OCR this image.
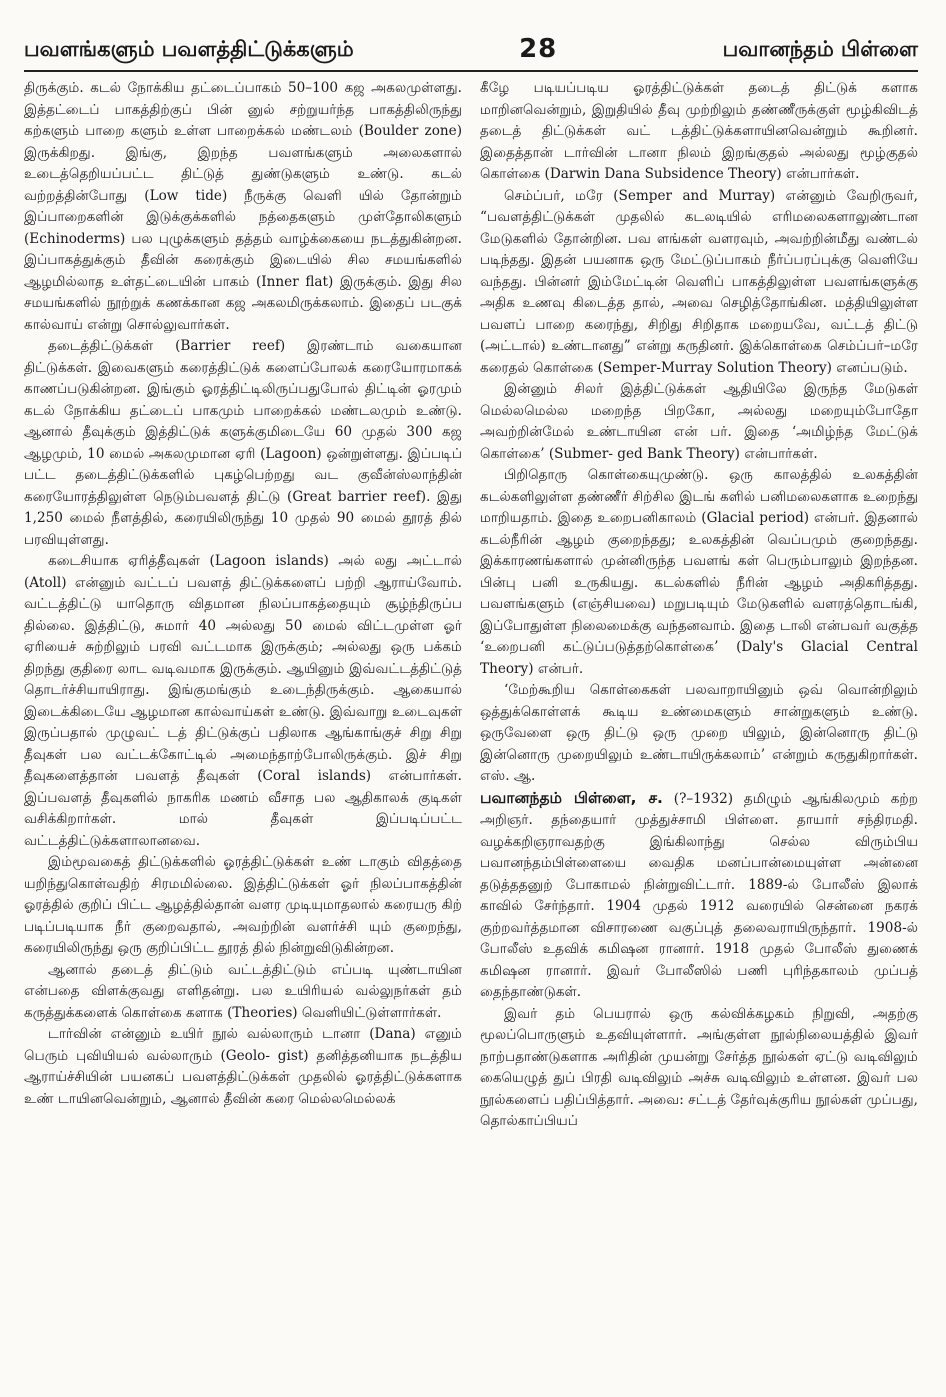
பவளங்களும் பவளத்திட்டுக்களும்	28	பவானந்தம் பிள்ளை

திருக்கும். கடல் நோக்கிய தட்டைப்பாகம் 50–100 கஜ அகலமுள்ளது. இத்தட்டைப் பாகத்திற்குப் பின் னுல் சற்றுயர்ந்த பாகத்திலிருந்து கற்களும் பாறை களும் உள்ள பாறைக்கல் மண்டலம் (Boulder zone) இருக்கிறது. இங்கு, இறந்த பவளங்களும் அலைகளால் உடைத்தெறியப்பட்ட திட்டுத் துண்டுகளும் உண்டு. கடல் வற்றத்தின்போது (Low tide) நீருக்கு வெளி யில் தோன்றும் இப்பாறைகளின் இடுக்குக்களில் நத்தைகளும் முள்தோலிகளும் (Echinoderms) பல புழுக்களும் தத்தம் வாழ்க்கையை நடத்துகின்றன. இப்பாகத்துக்கும் தீவின் கரைக்கும் இடையில் சில சமயங்களில் ஆழமில்லாத உள்தட்டையின் பாகம் (Inner flat) இருக்கும். இது சில சமயங்களில் நூற்றுக் கணக்கான கஜ அகலமிருக்கலாம். இதைப் படகுக் கால்வாய் என்று சொல்லுவார்கள்.

தடைத்திட்டுக்கள் (Barrier reef) இரண்டாம் வகையான திட்டுக்கள். இவைகளும் கரைத்திட்டுக் களைப்போலக் கரையோரமாகக் காணப்படுகின்றன. இங்கும் ஓரத்திட்டிலிருப்பதுபோல் திட்டின் ஓரமும் கடல் நோக்கிய தட்டைப் பாகமும் பாறைக்கல் மண்டலமும் உண்டு. ஆனால் தீவுக்கும் இத்திட்டுக் களுக்குமிடையே 60 முதல் 300 கஜ ஆழமும், 10 மைல் அகலமுமான ஏரி (Lagoon) ஒன்றுள்ளது. இப்படிப் பட்ட தடைத்திட்டுக்களில் புகழ்பெற்றது வட குவீன்ஸ்லாந்தின் கரையோரத்திலுள்ள நெடும்பவளத் திட்டு (Great barrier reef). இது 1,250 மைல் நீளத்தில், கரையிலிருந்து 10 முதல் 90 மைல் தூரத் தில் பரவியுள்ளது.

கடைசியாக ஏரித்தீவுகள் (Lagoon islands) அல் லது அட்டால் (Atoll) என்னும் வட்டப் பவளத் திட்டுக்களைப் பற்றி ஆராய்வோம். வட்டத்திட்டு யாதொரு விதமான நிலப்பாகத்தையும் சூழ்ந்திருப்ப தில்லை. இத்திட்டு, சுமார் 40 அல்லது 50 மைல் விட்டமுள்ள ஓர் ஏரியைச் சுற்றிலும் பரவி வட்டமாக இருக்கும்; அல்லது ஒரு பக்கம் திறந்து குதிரை லாட வடிவமாக இருக்கும். ஆயினும் இவ்வட்டத்திட்டுத் தொடர்ச்சியாயிராது. இங்குமங்கும் உடைந்திருக்கும். ஆகையால் இடைக்கிடையே ஆழமான கால்வாய்கள் உண்டு. இவ்வாறு உடைவுகள் இருப்பதால் முழுவட் டத் திட்டுக்குப் பதிலாக ஆங்காங்குச் சிறு சிறு தீவுகள் பல வட்டக்கோட்டில் அமைந்தாற்போலிருக்கும். இச் சிறு தீவுகளைத்தான் பவளத் தீவுகள் (Coral islands) என்பார்கள். இப்பவளத் தீவுகளில் நாகரிக மணம் வீசாத பல ஆதிகாலக் குடிகள் வசிக்கிறார்கள். மால் தீவுகள் இப்படிப்பட்ட வட்டத்திட்டுக்களாலானவை.

இம்மூவகைத் திட்டுக்களில் ஓரத்திட்டுக்கள் உண் டாகும் விதத்தை யறிந்துகொள்வதிற் சிரமமில்லை. இத்திட்டுக்கள் ஓர் நிலப்பாகத்தின் ஓரத்தில் குறிப் பிட்ட ஆழத்தில்தான் வளர முடியுமாதலால் கரையரு கிற் படிப்படியாக நீர் குறைவதால், அவற்றின் வளர்ச்சி யும் குறைந்து, கரையிலிருந்து ஒரு குறிப்பிட்ட தூரத் தில் நின்றுவிடுகின்றன.

ஆனால் தடைத் திட்டும் வட்டத்திட்டும் எப்படி யுண்டாயின என்பதை விளக்குவது எளிதன்று. பல உயிரியல் வல்லுநர்கள் தம் கருத்துக்களைக் கொள்கை களாக (Theories) வெளியிட்டுள்ளார்கள்.

டார்வின் என்னும் உயிர் நூல் வல்லாரும் டானா (Dana) எனும் பெரும் புவியியல் வல்லாரும் (Geolo- gist) தனித்தனியாக நடத்திய ஆராய்ச்சியின் பயனகப் பவளத்திட்டுக்கள் முதலில் ஓரத்திட்டுக்களாக உண் டாயினவென்றும், ஆனால் தீவின் கரை மெல்லமெல்லக்

கீழே படியப்படிய ஓரத்திட்டுக்கள் தடைத் திட்டுக் களாக மாறினவென்றும், இறுதியில் தீவு முற்றிலும் தண்ணீருக்குள் மூழ்கிவிடத் தடைத் திட்டுக்கள் வட் டத்திட்டுக்களாயினவென்றும் கூறினர். இதைத்தான் டார்வின் டானா நிலம் இறங்குதல் அல்லது மூழ்குதல் கொள்கை (Darwin Dana Subsidence Theory) என்பார்கள்.

செம்ப்பர், மரே (Semper and Murray) என்னும் வேறிருவர், “பவளத்திட்டுக்கள் முதலில் கடலடியில் எரிமலைகளாலுண்டான மேடுகளில் தோன்றின. பவ ளங்கள் வளரவும், அவற்றின்மீது வண்டல் படிந்தது. இதன் பயனாக ஒரு மேட்டுப்பாகம் நீர்ப்பரப்புக்கு வெளியே வந்தது. பின்னர் இம்மேட்டின் வெளிப் பாகத்திலுள்ள பவளங்களுக்கு அதிக உணவு கிடைத்த தால், அவை செழித்தோங்கின. மத்தியிலுள்ள பவளப் பாறை கரைந்து, சிறிது சிறிதாக மறையவே, வட்டத் திட்டு (அட்டால்) உண்டானது” என்று கருதினர். இக்கொள்கை செம்ப்பர்–மரே கரைதல் கொள்கை (Semper-Murray Solution Theory) எனப்படும்.

இன்னும் சிலர் இத்திட்டுக்கள் ஆதியிலே இருந்த மேடுகள் மெல்லமெல்ல மறைந்த பிறகோ, அல்லது மறையும்போதோ அவற்றின்மேல் உண்டாயின என் பர். இதை ‘அமிழ்ந்த மேட்டுக் கொள்கை’ (Submer- ged Bank Theory) என்பார்கள்.

பிறிதொரு கொள்கையுமுண்டு. ஒரு காலத்தில் உலகத்தின் கடல்களிலுள்ள தண்ணீர் சிற்சில இடங் களில் பனிமலைகளாக உறைந்து மாறியதாம். இதை உறைபனிகாலம் (Glacial period) என்பர். இதனால் கடல்நீரின் ஆழம் குறைந்தது; உலகத்தின் வெப்பமும் குறைந்தது. இக்காரணங்களால் முன்னிருந்த பவளங் கள் பெரும்பாலும் இறந்தன. பின்பு பனி உருகியது. கடல்களில் நீரின் ஆழம் அதிகரித்தது. பவளங்களும் (எஞ்சியவை) மறுபடியும் மேடுகளில் வளரத்தொடங்கி, இப்போதுள்ள நிலைமைக்கு வந்தனவாம். இதை டாலி என்பவர் வகுத்த ‘உறைபனி கட்டுப்படுத்தற்கொள்கை’ (Daly's Glacial Central Theory) என்பர்.

‘மேற்கூறிய கொள்கைகள் பலவாறாயினும் ஒவ் வொன்றிலும் ஒத்துக்கொள்ளக் கூடிய உண்மைகளும் சான்றுகளும் உண்டு. ஒருவேளை ஒரு திட்டு ஒரு முறை யிலும், இன்னொரு திட்டு இன்னொரு முறையிலும் உண்டாயிருக்கலாம்’ என்றும் கருதுகிறார்கள். எஸ். ஆ.

பவானந்தம் பிள்ளை, ச. (?–1932) தமிழும் ஆங்கிலமும் கற்ற அறிஞர். தந்தையார் முத்துச்சாமி பிள்ளை. தாயார் சந்திரமதி. வழக்கறிஞராவதற்கு இங்கிலாந்து செல்ல விரும்பிய பவானந்தம்பிள்ளையை வைதிக மனப்பான்மையுள்ள அன்னை தடுத்ததனுற் போகாமல் நின்றுவிட்டார். 1889-ல் போலீஸ் இலாக் காவில் சேர்ந்தார். 1904 முதல் 1912 வரையில் சென்னை நகரக் குற்றவர்த்தமான விசாரணை வகுப்புத் தலைவராயிருந்தார். 1908-ல் போலீஸ் உதவிக் கமிஷன ரானார். 1918 முதல் போலீஸ் துணைக் கமிஷன ரானார். இவர் போலீஸில் பணி புரிந்தகாலம் முப்பத் தைந்தாண்டுகள்.

இவர் தம் பெயரால் ஒரு கல்விக்கழகம் நிறுவி, அதற்கு மூலப்பொருளும் உதவியுள்ளார். அங்குள்ள நூல்நிலையத்தில் இவர் நாற்பதாண்டுகளாக அரிதின் முயன்று சேர்த்த நூல்கள் ஏட்டு வடிவிலும் கையெழுத் துப் பிரதி வடிவிலும் அச்சு வடிவிலும் உள்ளன. இவர் பல நூல்களைப் பதிப்பித்தார். அவை: சட்டத் தேர்வுக்குரிய நூல்கள் முப்பது, தொல்காப்பியப்
